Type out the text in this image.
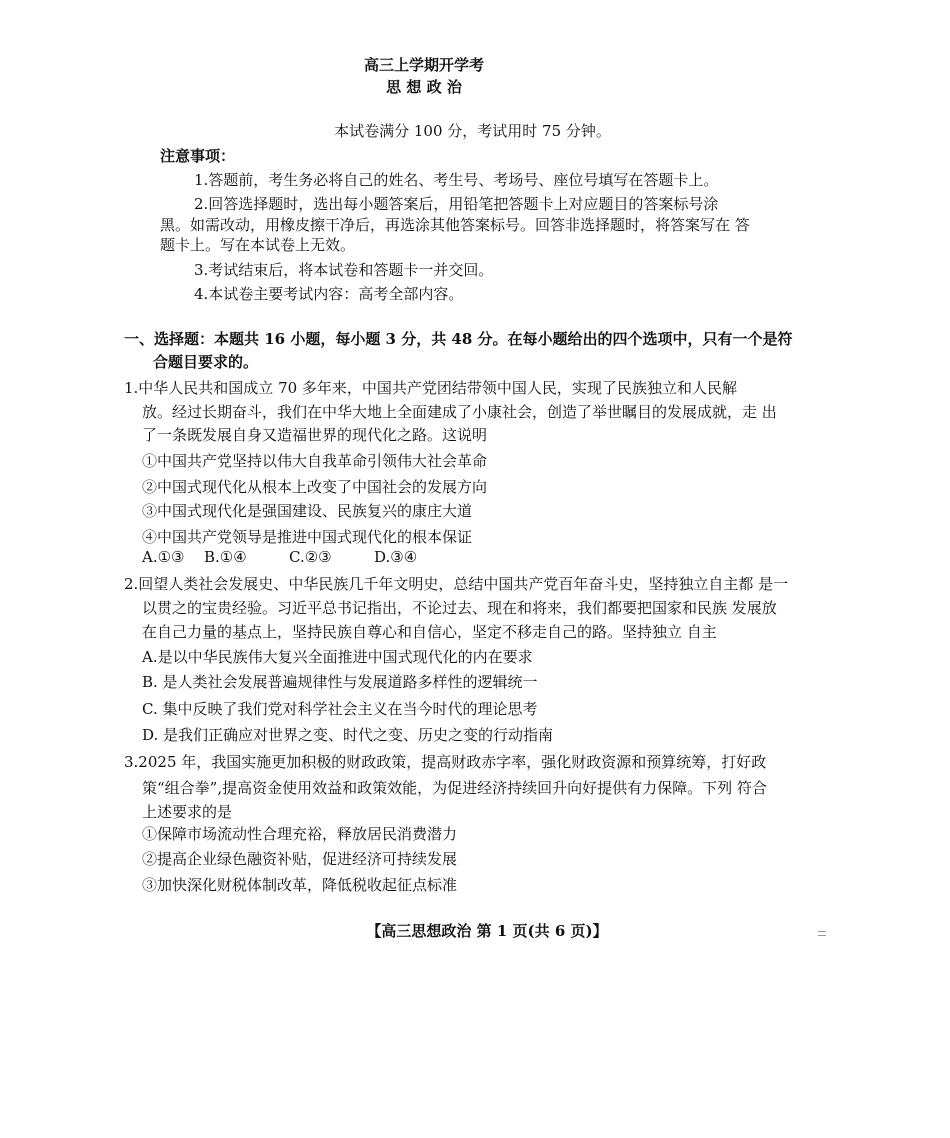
高三上学期开学考
思 想 政 治
本试卷满分 100 分，考试用时 75 分钟。
注意事项：
1.答题前，考生务必将自己的姓名、考生号、考场号、座位号填写在答题卡上。
2.回答选择题时，选出每小题答案后，用铅笔把答题卡上对应题目的答案标号涂
黑。如需改动，用橡皮擦干净后，再选涂其他答案标号。回答非选择题时，将答案写在 答
题卡上。写在本试卷上无效。
3.考试结束后，将本试卷和答题卡一并交回。
4.本试卷主要考试内容：高考全部内容。
一、选择题：本题共 16 小题，每小题 3 分，共 48 分。在每小题给出的四个选项中，只有一个是符
合题目要求的。
1.中华人民共和国成立 70 多年来，中国共产党团结带领中国人民，实现了民族独立和人民解
放。经过长期奋斗，我们在中华大地上全面建成了小康社会，创造了举世瞩目的发展成就，走 出
了一条既发展自身又造福世界的现代化之路。这说明
①中国共产党坚持以伟大自我革命引领伟大社会革命
②中国式现代化从根本上改变了中国社会的发展方向
③中国式现代化是强国建设、民族复兴的康庄大道
④中国共产党领导是推进中国式现代化的根本保证
A.①③ B.①④	C.②③	D.③④
2.回望人类社会发展史、中华民族几千年文明史，总结中国共产党百年奋斗史，坚持独立自主都 是一
以贯之的宝贵经验。习近平总书记指出，不论过去、现在和将来，我们都要把国家和民族 发展放
在自己力量的基点上，坚持民族自尊心和自信心，坚定不移走自己的路。坚持独立 自主
A.是以中华民族伟大复兴全面推进中国式现代化的内在要求
B. 是人类社会发展普遍规律性与发展道路多样性的逻辑统一
C. 集中反映了我们党对科学社会主义在当今时代的理论思考
D. 是我们正确应对世界之变、时代之变、历史之变的行动指南
3.2025 年，我国实施更加积极的财政政策，提高财政赤字率，强化财政资源和预算统筹，打好政
策“组合拳”,提高资金使用效益和政策效能，为促进经济持续回升向好提供有力保障。下列 符合
上述要求的是
①保障市场流动性合理充裕，释放居民消费潜力
②提高企业绿色融资补贴，促进经济可持续发展
③加快深化财税体制改革，降低税收起征点标准
【高三思想政治 第 1 页(共 6 页)】
